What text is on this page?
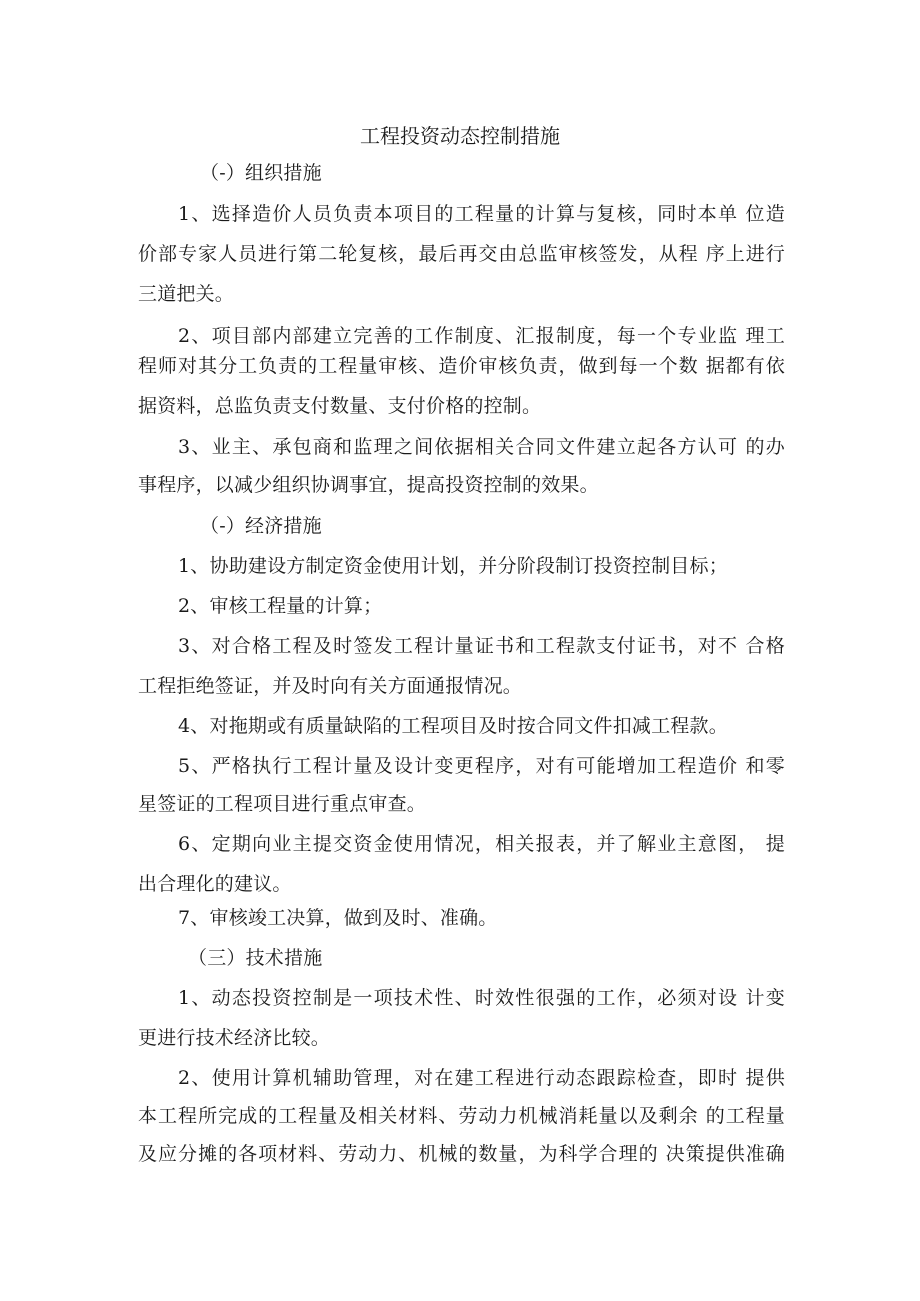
工程投资动态控制措施
（-）组织措施
1、选择造价人员负责本项目的工程量的计算与复核，同时本单 位造
价部专家人员进行第二轮复核，最后再交由总监审核签发，从程 序上进行
三道把关。
2、项目部内部建立完善的工作制度、汇报制度，每一个专业监 理工
程师对其分工负责的工程量审核、造价审核负责，做到每一个数 据都有依
据资料，总监负责支付数量、支付价格的控制。
3、业主、承包商和监理之间依据相关合同文件建立起各方认可 的办
事程序，以减少组织协调事宜，提高投资控制的效果。
（-）经济措施
1、协助建设方制定资金使用计划，并分阶段制订投资控制目标；
2、审核工程量的计算；
3、对合格工程及时签发工程计量证书和工程款支付证书，对不 合格
工程拒绝签证，并及时向有关方面通报情况。
4、对拖期或有质量缺陷的工程项目及时按合同文件扣减工程款。
5、严格执行工程计量及设计变更程序，对有可能增加工程造价 和零
星签证的工程项目进行重点审查。
6、定期向业主提交资金使用情况，相关报表，并了解业主意图， 提
出合理化的建议。
7、审核竣工决算，做到及时、准确。
（三）技术措施
1、动态投资控制是一项技术性、时效性很强的工作，必须对设 计变
更进行技术经济比较。
2、使用计算机辅助管理，对在建工程进行动态跟踪检查，即时 提供
本工程所完成的工程量及相关材料、劳动力机械消耗量以及剩余 的工程量
及应分摊的各项材料、劳动力、机械的数量，为科学合理的 决策提供准确
